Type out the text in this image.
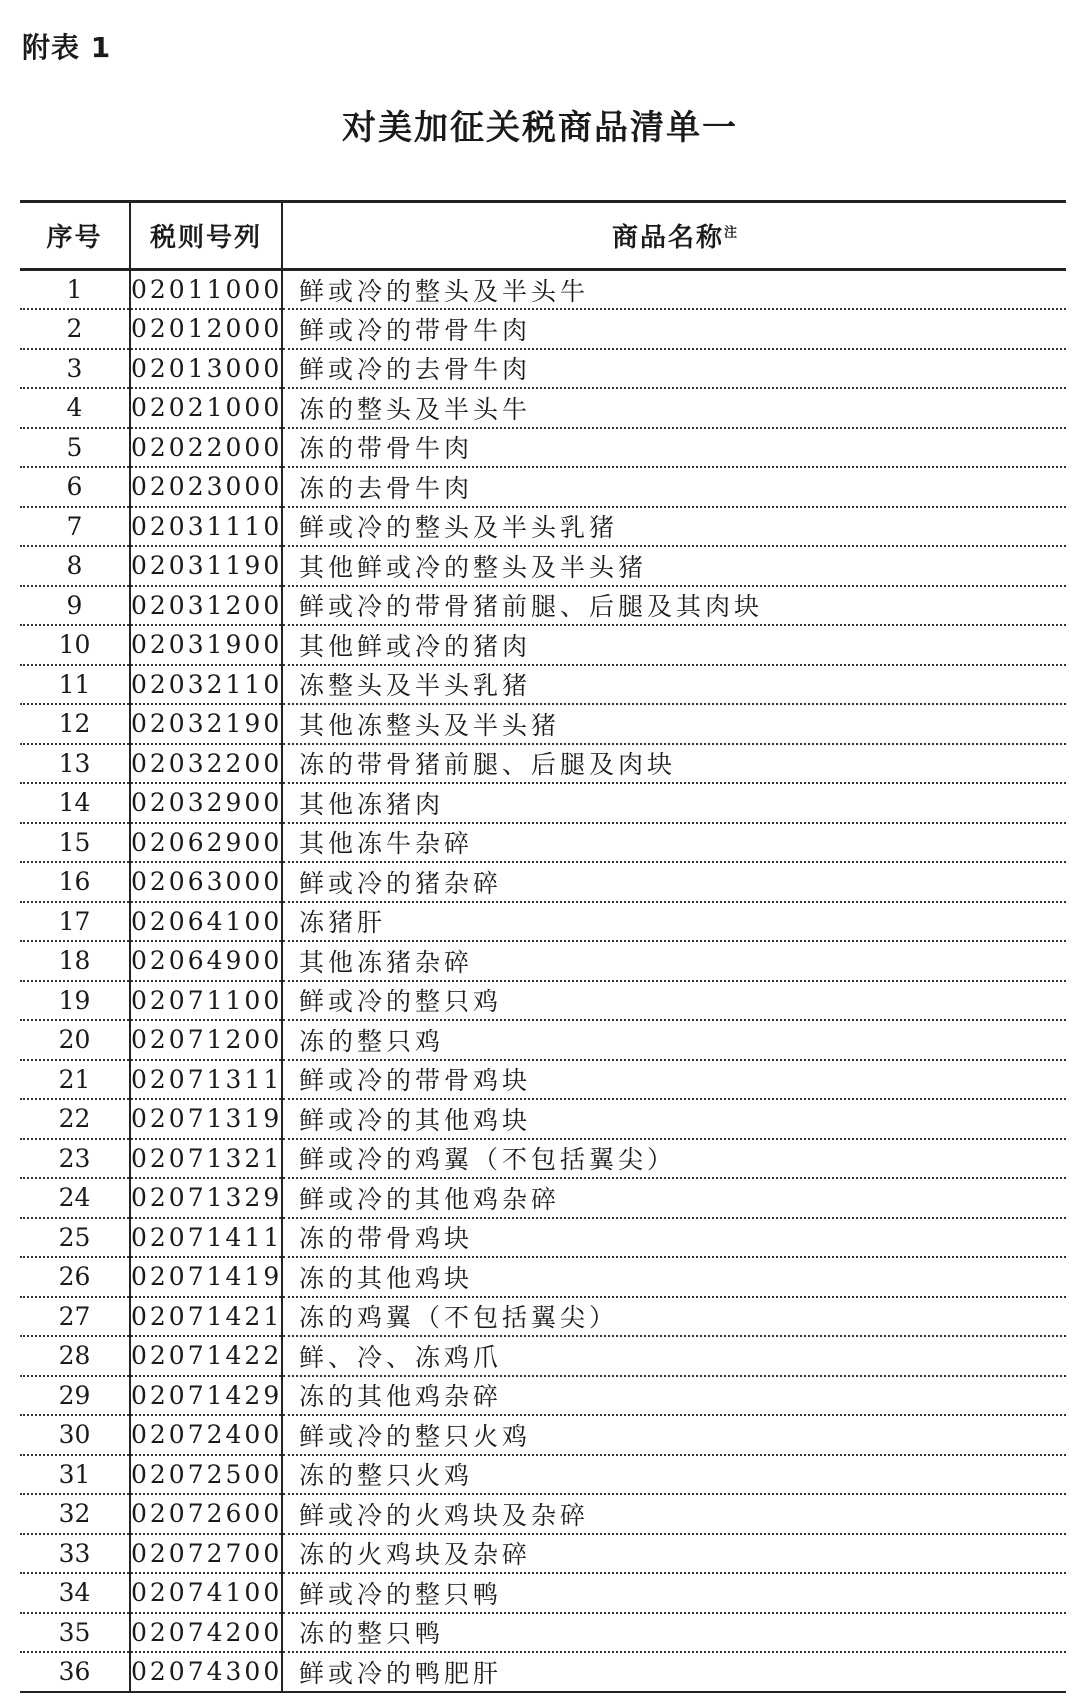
附表 1
对美加征关税商品清单一
序号	税则号列	商品名称$^注$
1	02011000	鲜或冷的整头及半头牛
2	02012000	鲜或冷的带骨牛肉
3	02013000	鲜或冷的去骨牛肉
4	02021000	冻的整头及半头牛
5	02022000	冻的带骨牛肉
6	02023000	冻的去骨牛肉
7	02031110	鲜或冷的整头及半头乳猪
8	02031190	其他鲜或冷的整头及半头猪
9	02031200	鲜或冷的带骨猪前腿、后腿及其肉块
10	02031900	其他鲜或冷的猪肉
11	02032110	冻整头及半头乳猪
12	02032190	其他冻整头及半头猪
13	02032200	冻的带骨猪前腿、后腿及肉块
14	02032900	其他冻猪肉
15	02062900	其他冻牛杂碎
16	02063000	鲜或冷的猪杂碎
17	02064100	冻猪肝
18	02064900	其他冻猪杂碎
19	02071100	鲜或冷的整只鸡
20	02071200	冻的整只鸡
21	02071311	鲜或冷的带骨鸡块
22	02071319	鲜或冷的其他鸡块
23	02071321	鲜或冷的鸡翼（不包括翼尖）
24	02071329	鲜或冷的其他鸡杂碎
25	02071411	冻的带骨鸡块
26	02071419	冻的其他鸡块
27	02071421	冻的鸡翼（不包括翼尖）
28	02071422	鲜、冷、冻鸡爪
29	02071429	冻的其他鸡杂碎
30	02072400	鲜或冷的整只火鸡
31	02072500	冻的整只火鸡
32	02072600	鲜或冷的火鸡块及杂碎
33	02072700	冻的火鸡块及杂碎
34	02074100	鲜或冷的整只鸭
35	02074200	冻的整只鸭
36	02074300	鲜或冷的鸭肥肝
